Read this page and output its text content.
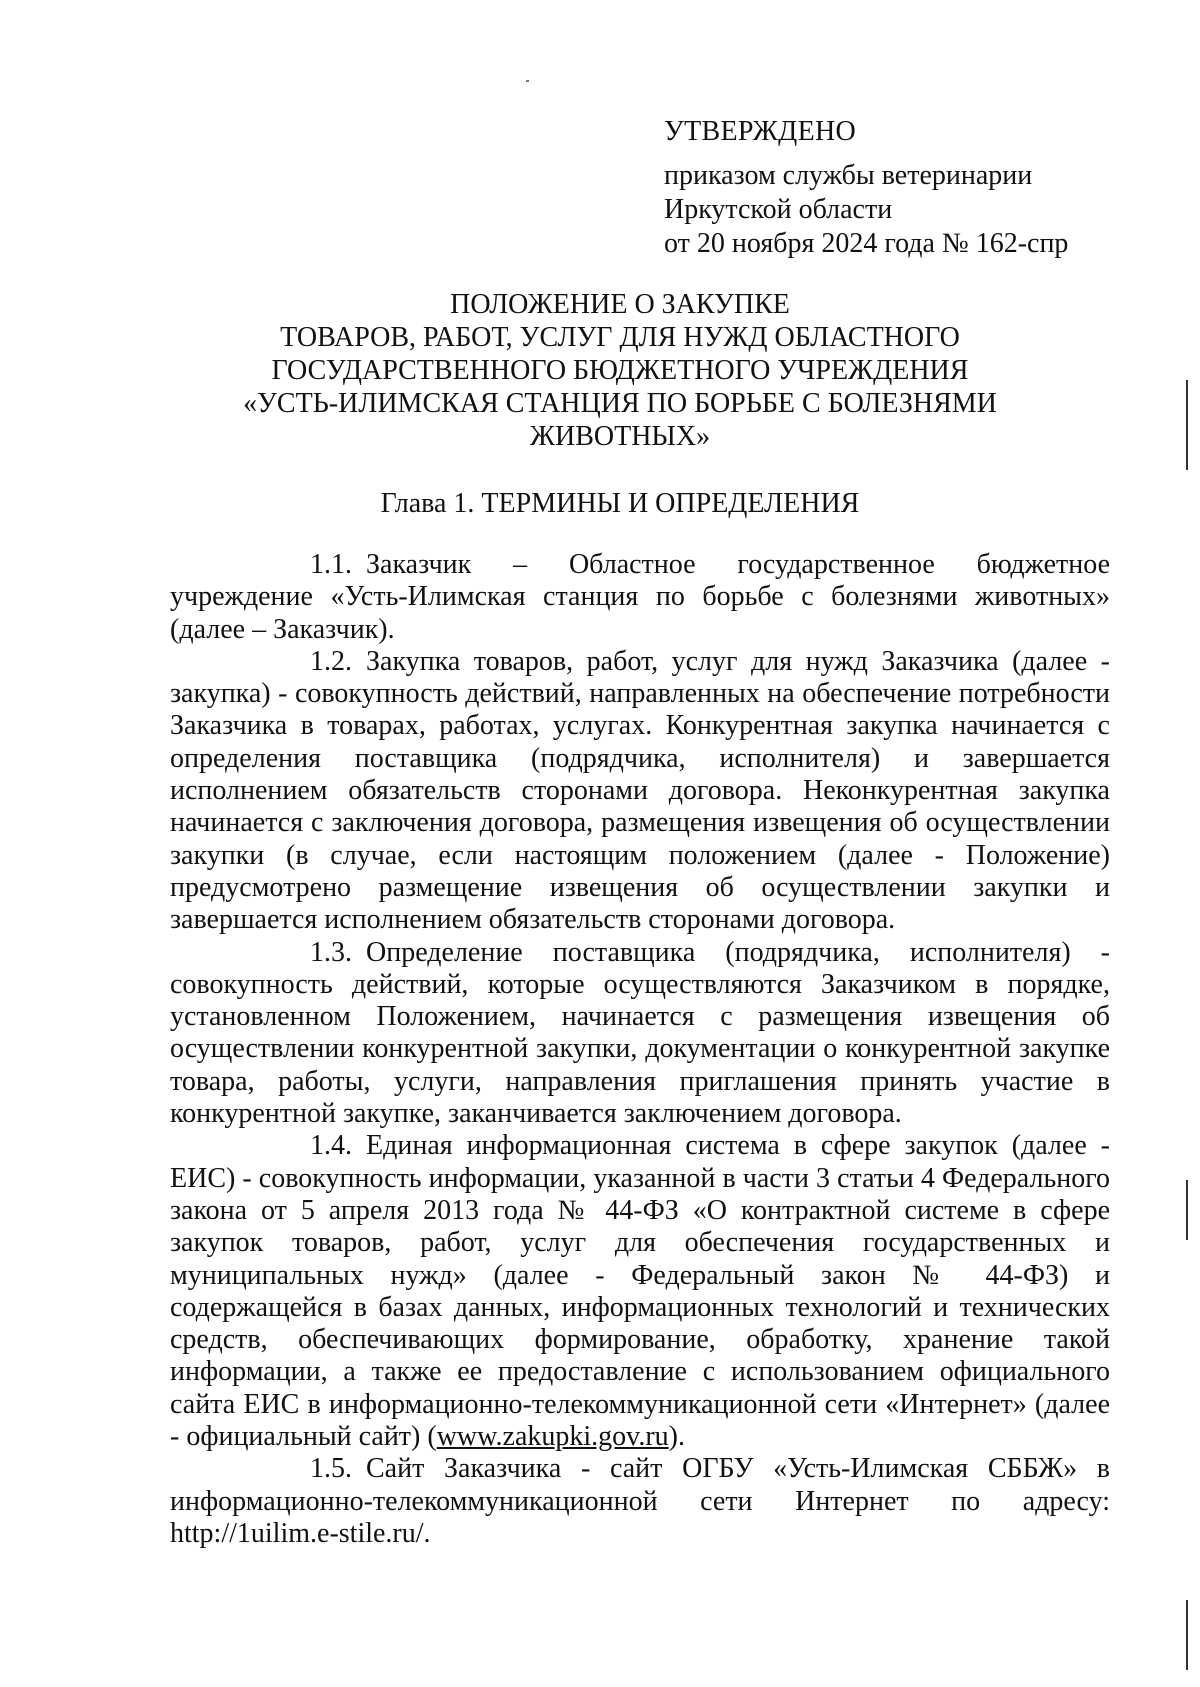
УТВЕРЖДЕНО
приказом службы ветеринарии
Иркутской области
от 20 ноября 2024 года № 162-спр
ПОЛОЖЕНИЕ О ЗАКУПКЕ
ТОВАРОВ, РАБОТ, УСЛУГ ДЛЯ НУЖД ОБЛАСТНОГО
ГОСУДАРСТВЕННОГО БЮДЖЕТНОГО УЧРЕЖДЕНИЯ
«УСТЬ-ИЛИМСКАЯ СТАНЦИЯ ПО БОРЬБЕ С БОЛЕЗНЯМИ
ЖИВОТНЫХ»
Глава 1. ТЕРМИНЫ И ОПРЕДЕЛЕНИЯ

1.1. Заказчик – Областное государственное бюджетное учреждение «Усть-Илимская станция по борьбе с болезнями животных» (далее – Заказчик).

1.2. Закупка товаров, работ, услуг для нужд Заказчика (далее - закупка) - совокупность действий, направленных на обеспечение потребности Заказчика в товарах, работах, услугах. Конкурентная закупка начинается с определения поставщика (подрядчика, исполнителя) и завершается исполнением обязательств сторонами договора. Неконкурентная закупка начинается с заключения договора, размещения извещения об осуществлении закупки (в случае, если настоящим положением (далее - Положение) предусмотрено размещение извещения об осуществлении закупки и завершается исполнением обязательств сторонами договора.

1.3. Определение поставщика (подрядчика, исполнителя) - совокупность действий, которые осуществляются Заказчиком в порядке, установленном Положением, начинается с размещения извещения об осуществлении конкурентной закупки, документации о конкурентной закупке товара, работы, услуги, направления приглашения принять участие в конкурентной закупке, заканчивается заключением договора.

1.4. Единая информационная система в сфере закупок (далее - ЕИС) - совокупность информации, указанной в части 3 статьи 4 Федерального закона от 5 апреля 2013 года № 44-ФЗ «О контрактной системе в сфере закупок товаров, работ, услуг для обеспечения государственных и муниципальных нужд» (далее - Федеральный закон № 44-ФЗ) и содержащейся в базах данных, информационных технологий и технических средств, обеспечивающих формирование, обработку, хранение такой информации, а также ее предоставление с использованием официального сайта ЕИС в информационно-телекоммуникационной сети «Интернет» (далее - официальный сайт) (www.zakupki.gov.ru).

1.5. Сайт Заказчика - сайт ОГБУ «Усть-Илимская СББЖ» в информационно-телекоммуникационной сети Интернет по адресу: http://1uilim.e-stile.ru/.
